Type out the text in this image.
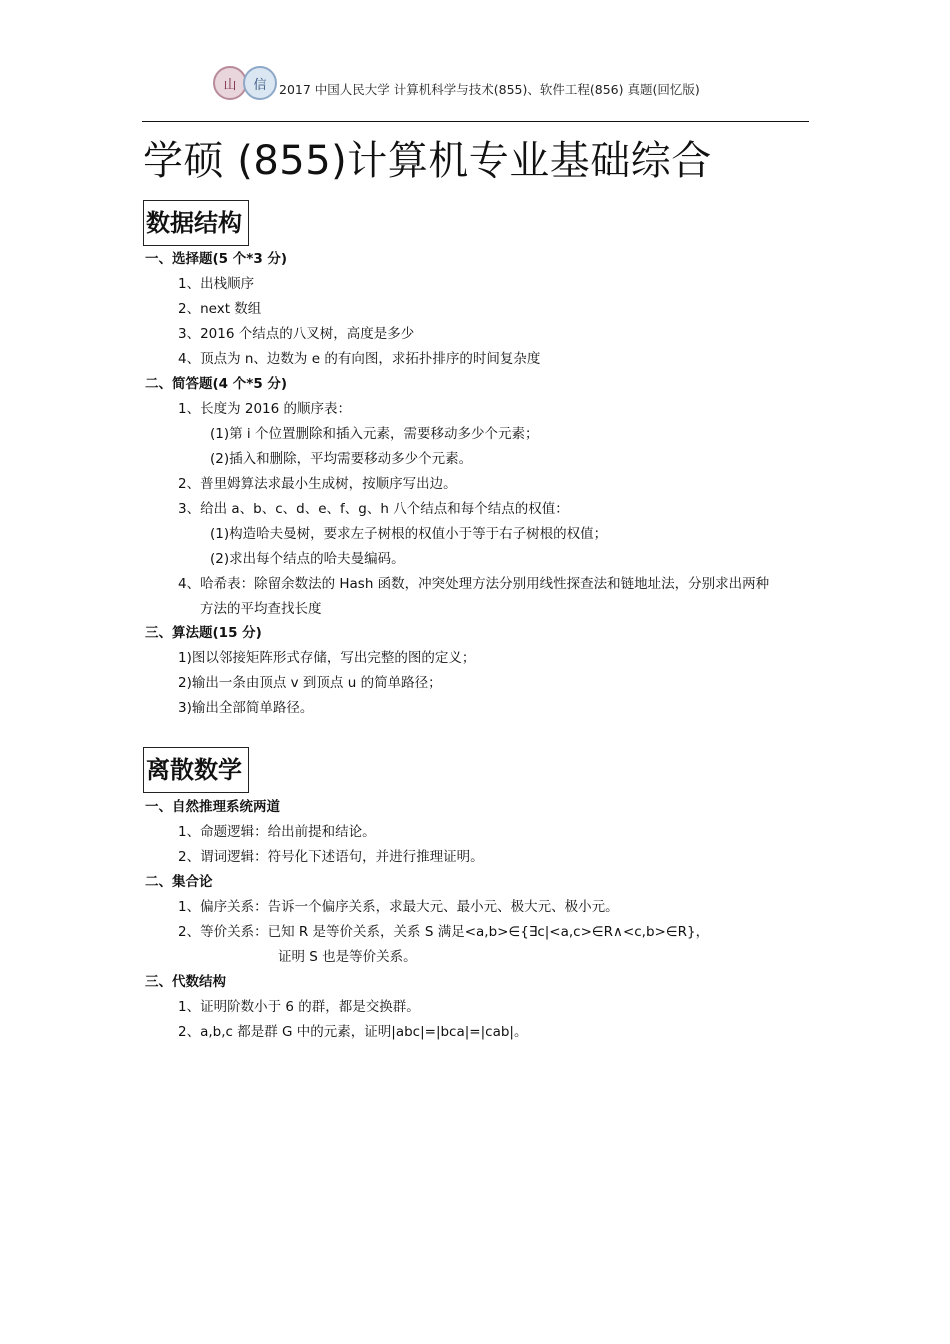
山	信	2017 中国人民大学 计算机科学与技术(855)、软件工程(856) 真题(回忆版)
学硕 (855)计算机专业基础综合
数据结构
一、选择题(5 个*3 分)
1、出栈顺序
2、next 数组
3、2016 个结点的八叉树，高度是多少
4、顶点为 n、边数为 e 的有向图，求拓扑排序的时间复杂度
二、简答题(4 个*5 分)
1、长度为 2016 的顺序表：
(1)第 i 个位置删除和插入元素，需要移动多少个元素；
(2)插入和删除，平均需要移动多少个元素。
2、普里姆算法求最小生成树，按顺序写出边。
3、给出 a、b、c、d、e、f、g、h 八个结点和每个结点的权值：
(1)构造哈夫曼树，要求左子树根的权值小于等于右子树根的权值；
(2)求出每个结点的哈夫曼编码。
4、哈希表：除留余数法的 Hash 函数，冲突处理方法分别用线性探查法和链地址法，分别求出两种
方法的平均查找长度
三、算法题(15 分)
1)图以邻接矩阵形式存储，写出完整的图的定义；
2)输出一条由顶点 v 到顶点 u 的简单路径；
3)输出全部简单路径。
离散数学
一、自然推理系统两道
1、命题逻辑：给出前提和结论。
2、谓词逻辑：符号化下述语句，并进行推理证明。
二、集合论
1、偏序关系：告诉一个偏序关系，求最大元、最小元、极大元、极小元。
2、等价关系：已知 R 是等价关系，关系 S 满足<a,b>∈{∃c|<a,c>∈R∧<c,b>∈R}，
证明 S 也是等价关系。
三、代数结构
1、证明阶数小于 6 的群，都是交换群。
2、a,b,c 都是群 G 中的元素，证明|abc|=|bca|=|cab|。
